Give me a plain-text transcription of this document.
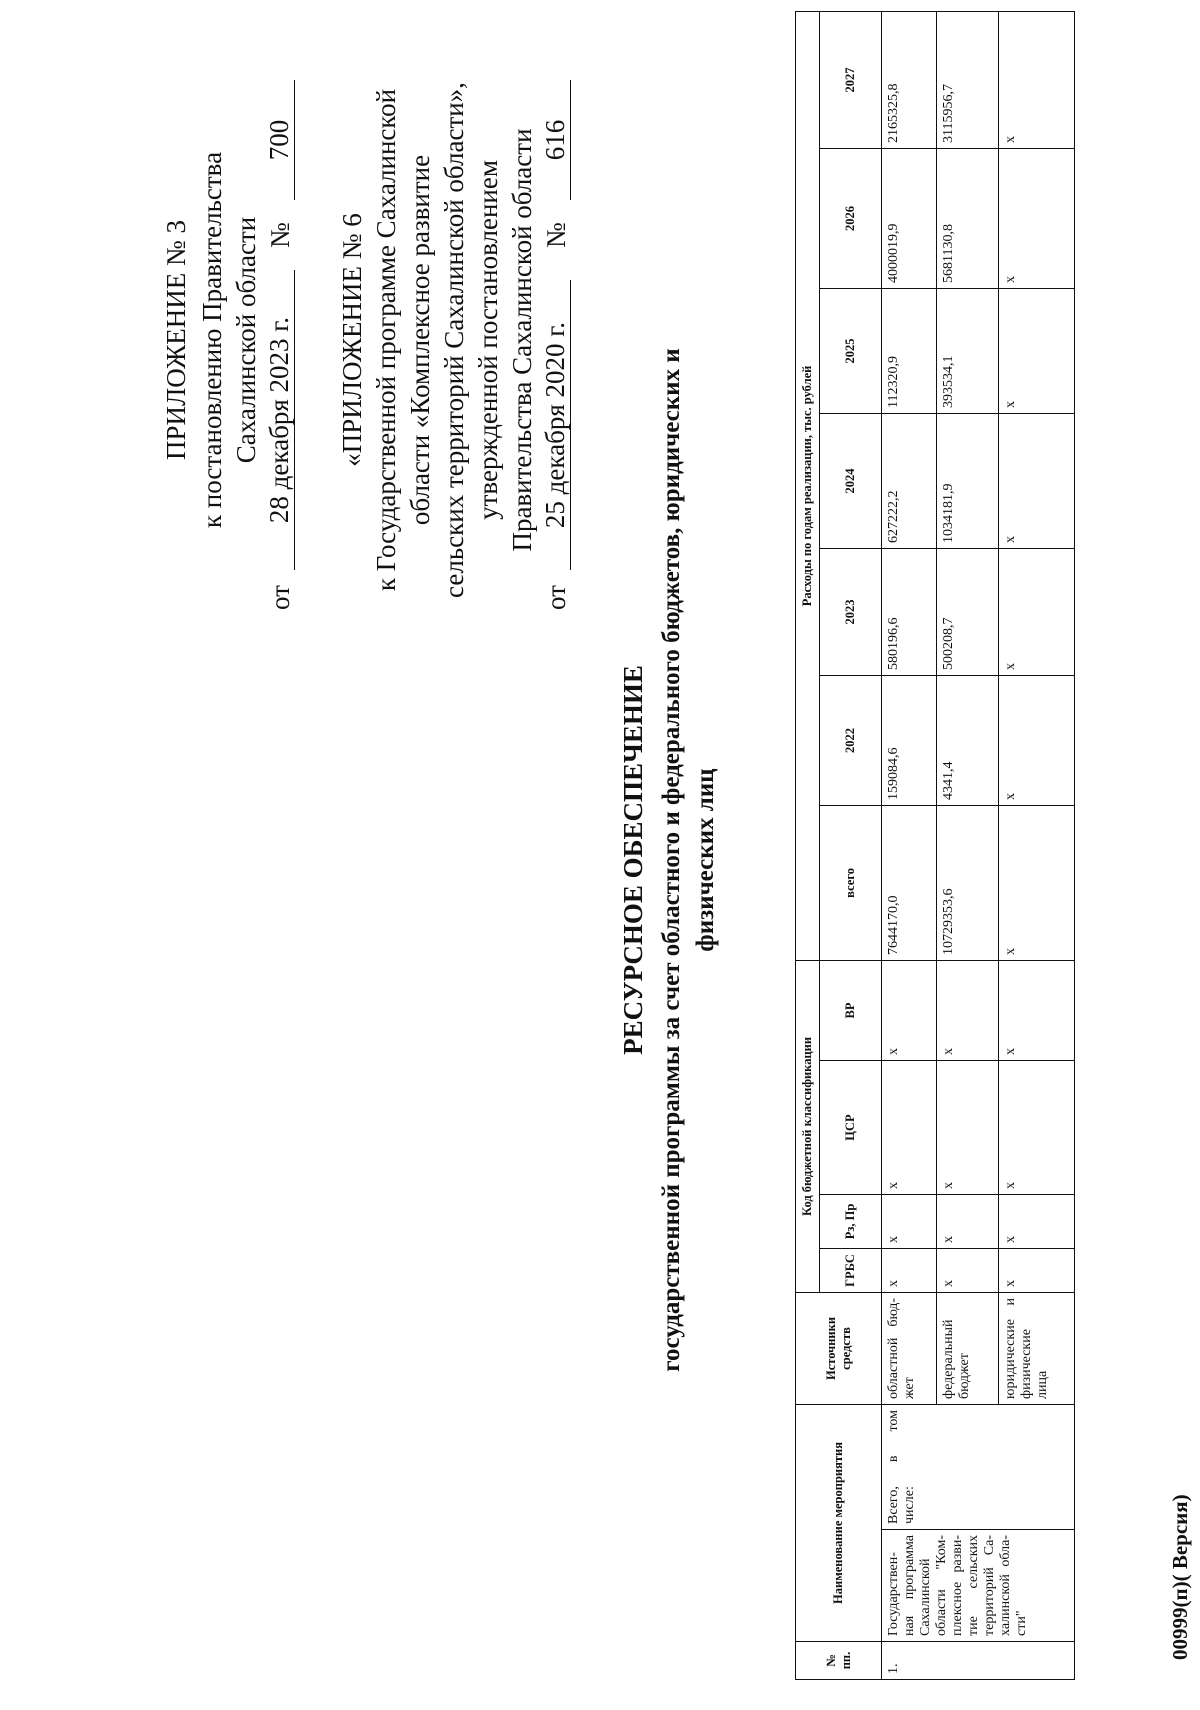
ПРИЛОЖЕНИЕ № 3 к постановлению Правительства Сахалинской области
от
28 декабря 2023 г.
№
700
«ПРИЛОЖЕНИЕ № 6 к Государственной программе Сахалинской области «Комплексное развитие сельских территорий Сахалинской области», утвержденной постановлением Правительства Сахалинской области
от
25 декабря 2020 г.
№
616
РЕСУРСНОЕ ОБЕСПЕЧЕНИЕ государственной программы за счет областного и федерального бюджетов, юридических и физических лиц
№ пп.	Наименование мероприятия		Источники средств	Код бюджетной классификации				Расходы по годам реализации, тыс. рублей						
				ГРБС	Рз, Пр	ЦСР	ВР	всего	2022	2023	2024	2025	2026	2027
1.	Государствен-ная программа Сахалинской области "Ком-плексное разви-тие сельских территорий Са-халинской обла-сти"	Всего, в том числе:	областной бюд-жет	x	x	x	x	7644170,0	159084,6	580196,6	627222,2	112320,9	4000019,9	2165325,8
			федеральный бюджет	x	x	x	x	10729353,6	4341,4	500208,7	1034181,9	393534,1	5681130,8	3115956,7
			юридические и физические лица	x	x	x	x	x	x	x	x	x	x	x
00999(п)( Версия)
